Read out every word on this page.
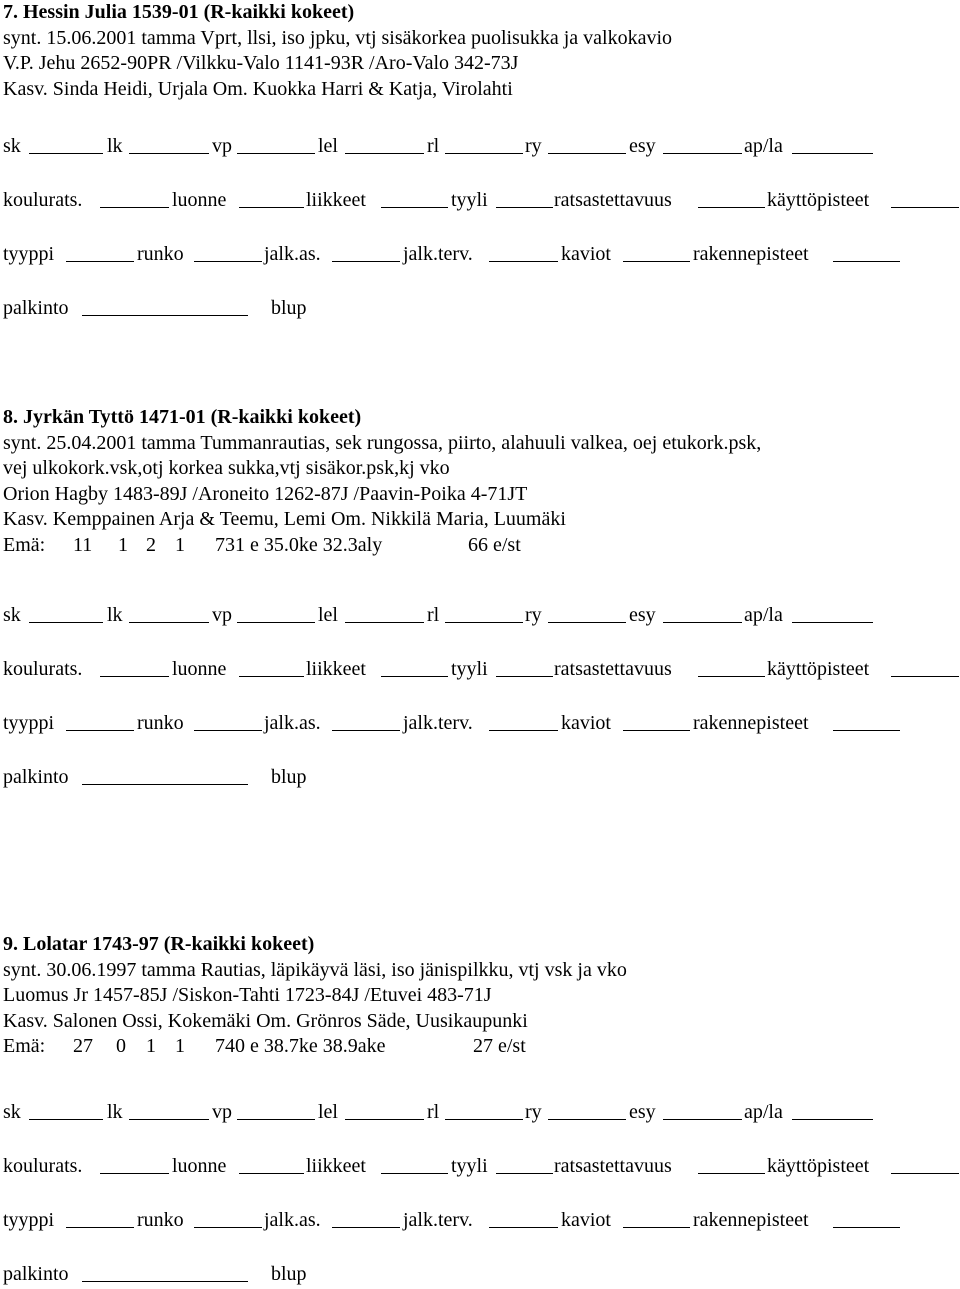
7. Hessin Julia 1539-01 (R-kaikki kokeet)
synt. 15.06.2001 tamma Vprt, llsi, iso jpku, vtj sisäkorkea puolisukka ja valkokavio
V.P. Jehu 2652-90PR /Vilkku-Valo 1141-93R /Aro-Valo 342-73J
Kasv. Sinda Heidi, Urjala Om. Kuokka Harri & Katja, Virolahti
sk	lk	vp	lel	rl	ry	esy	ap/la
koulurats.	luonne	liikkeet	tyyli	ratsastettavuus	käyttöpisteet
tyyppi	runko	jalk.as.	jalk.terv.	kaviot	rakennepisteet
palkinto	blup
8. Jyrkän Tyttö 1471-01 (R-kaikki kokeet)
synt. 25.04.2001 tamma Tummanrautias, sek rungossa, piirto, alahuuli valkea, oej etukork.psk,
vej ulkokork.vsk,otj korkea sukka,vtj sisäkor.psk,kj vko
Orion Hagby 1483-89J /Aroneito 1262-87J /Paavin-Poika 4-71JT
Kasv. Kemppainen Arja & Teemu, Lemi Om. Nikkilä Maria, Luumäki
Emä: 11 1 2 1 731 e 35.0ke 32.3aly	66 e/st
sk	lk	vp	lel	rl	ry	esy	ap/la
koulurats.	luonne	liikkeet	tyyli	ratsastettavuus	käyttöpisteet
tyyppi	runko	jalk.as.	jalk.terv.	kaviot	rakennepisteet
palkinto	blup
9. Lolatar 1743-97 (R-kaikki kokeet)
synt. 30.06.1997 tamma Rautias, läpikäyvä läsi, iso jänispilkku, vtj vsk ja vko
Luomus Jr 1457-85J /Siskon-Tahti 1723-84J /Etuvei 483-71J
Kasv. Salonen Ossi, Kokemäki Om. Grönros Säde, Uusikaupunki
Emä: 27 0 1 1 740 e 38.7ke 38.9ake	27 e/st
sk	lk	vp	lel	rl	ry	esy	ap/la
koulurats.	luonne	liikkeet	tyyli	ratsastettavuus	käyttöpisteet
tyyppi	runko	jalk.as.	jalk.terv.	kaviot	rakennepisteet
palkinto	blup
